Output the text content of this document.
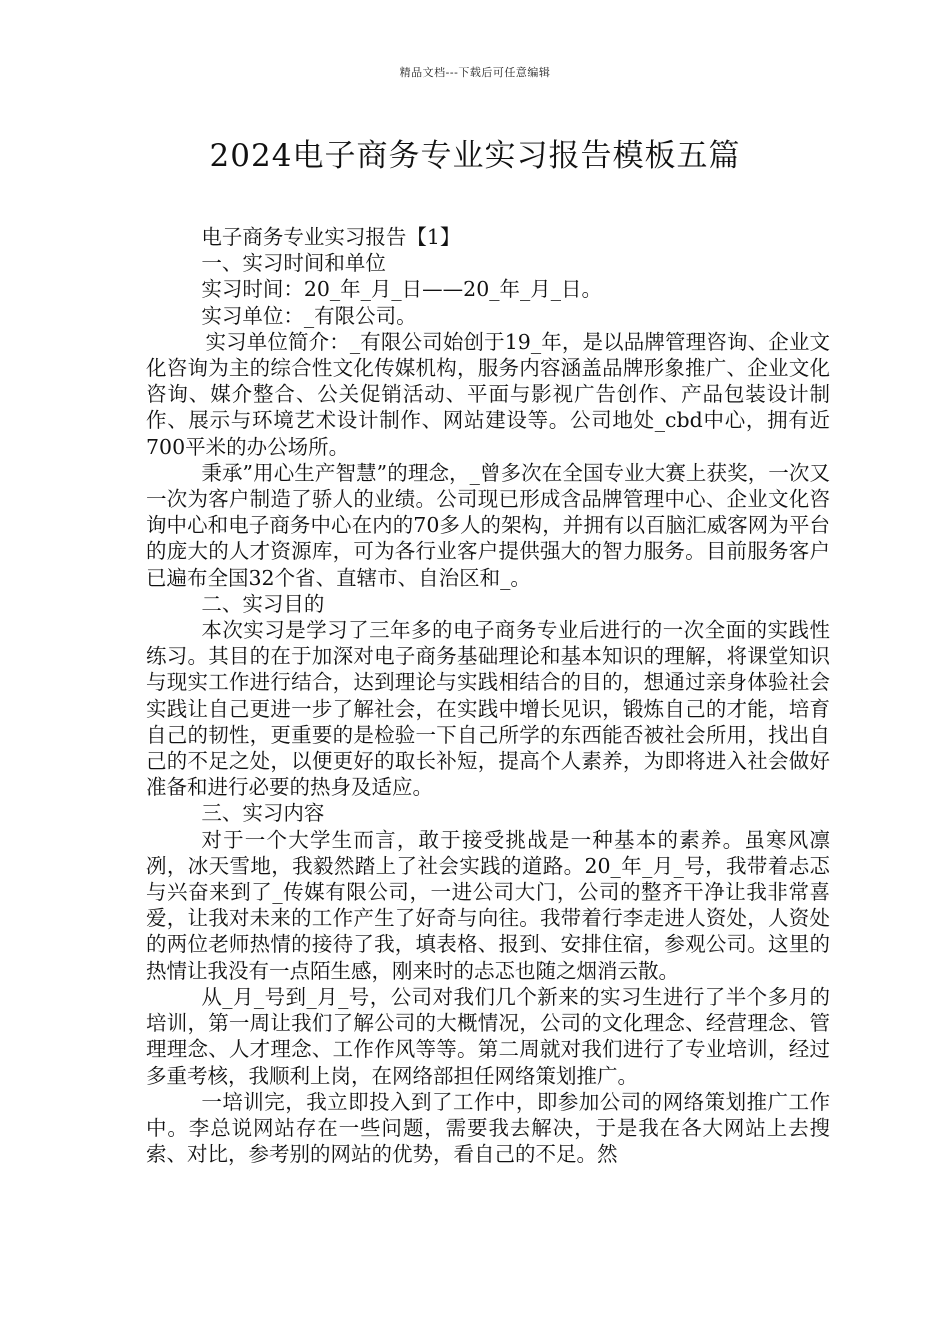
精品文档---下载后可任意编辑
2024电子商务专业实习报告模板五篇

电子商务专业实习报告【1】

一、实习时间和单位

实习时间：20_年_月_日——20_年_月_日。

实习单位：_有限公司。

实习单位简介：_有限公司始创于19_年，是以品牌管理咨询、企业文化咨询为主的综合性文化传媒机构，服务内容涵盖品牌形象推广、企业文化咨询、媒介整合、公关促销活动、平面与影视广告创作、产品包装设计制作、展示与环境艺术设计制作、网站建设等。公司地处_cbd中心，拥有近700平米的办公场所。

秉承”用心生产智慧”的理念，_曾多次在全国专业大赛上获奖，一次又一次为客户制造了骄人的业绩。公司现已形成含品牌管理中心、企业文化咨询中心和电子商务中心在内的70多人的架构，并拥有以百脑汇威客网为平台的庞大的人才资源库，可为各行业客户提供强大的智力服务。目前服务客户已遍布全国32个省、直辖市、自治区和_。

二、实习目的

本次实习是学习了三年多的电子商务专业后进行的一次全面的实践性练习。其目的在于加深对电子商务基础理论和基本知识的理解，将课堂知识与现实工作进行结合，达到理论与实践相结合的目的，想通过亲身体验社会实践让自己更进一步了解社会，在实践中增长见识，锻炼自己的才能，培育自己的韧性，更重要的是检验一下自己所学的东西能否被社会所用，找出自己的不足之处，以便更好的取长补短，提高个人素养，为即将进入社会做好准备和进行必要的热身及适应。

三、实习内容

对于一个大学生而言，敢于接受挑战是一种基本的素养。虽寒风凛冽，冰天雪地，我毅然踏上了社会实践的道路。20_年_月_号，我带着忐忑与兴奋来到了_传媒有限公司，一进公司大门，公司的整齐干净让我非常喜爱，让我对未来的工作产生了好奇与向往。我带着行李走进人资处，人资处的两位老师热情的接待了我，填表格、报到、安排住宿，参观公司。这里的热情让我没有一点陌生感，刚来时的忐忑也随之烟消云散。

从_月_号到_月_号，公司对我们几个新来的实习生进行了半个多月的培训，第一周让我们了解公司的大概情况，公司的文化理念、经营理念、管理理念、人才理念、工作作风等等。第二周就对我们进行了专业培训，经过多重考核，我顺利上岗，在网络部担任网络策划推广。

一培训完，我立即投入到了工作中，即参加公司的网络策划推广工作中。李总说网站存在一些问题，需要我去解决，于是我在各大网站上去搜索、对比，参考别的网站的优势，看自己的不足。然
